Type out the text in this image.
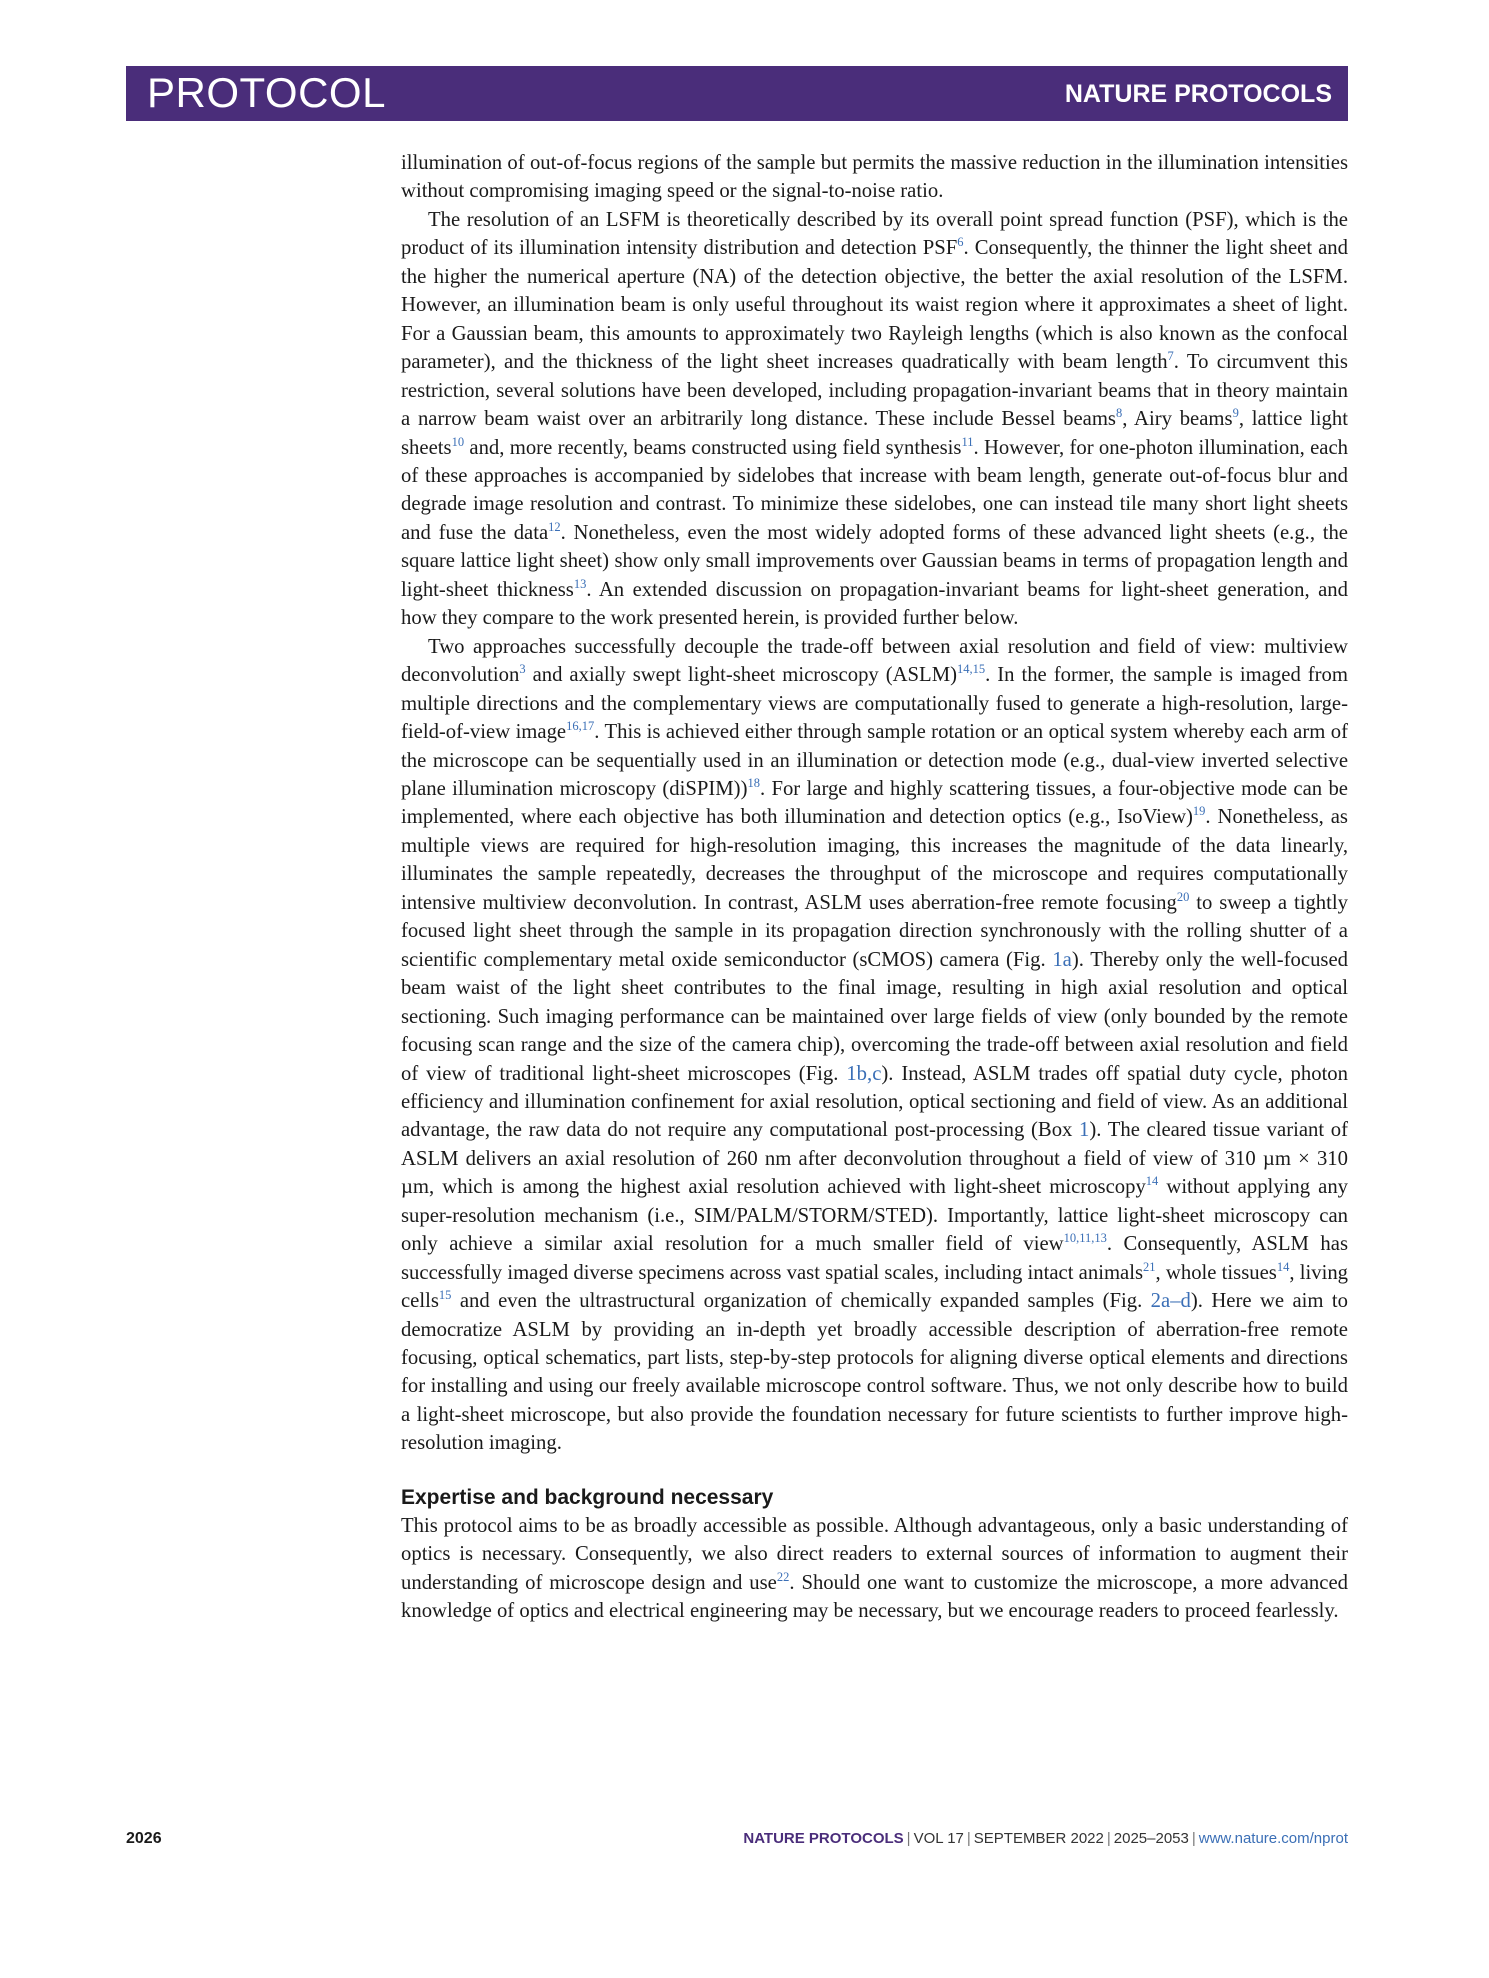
PROTOCOL	NATURE PROTOCOLS

illumination of out-of-focus regions of the sample but permits the massive reduction in the illumination intensities without compromising imaging speed or the signal-to-noise ratio.

The resolution of an LSFM is theoretically described by its overall point spread function (PSF), which is the product of its illumination intensity distribution and detection PSF$^6$. Consequently, the thinner the light sheet and the higher the numerical aperture (NA) of the detection objective, the better the axial resolution of the LSFM. However, an illumination beam is only useful throughout its waist region where it approximates a sheet of light. For a Gaussian beam, this amounts to approximately two Rayleigh lengths (which is also known as the confocal parameter), and the thickness of the light sheet increases quadratically with beam length$^7$. To circumvent this restriction, several solutions have been developed, including propagation-invariant beams that in theory maintain a narrow beam waist over an arbitrarily long distance. These include Bessel beams$^8$, Airy beams$^9$, lattice light sheets$^{10}$ and, more recently, beams constructed using field synthesis$^{11}$. However, for one-photon illumination, each of these approaches is accompanied by sidelobes that increase with beam length, generate out-of-focus blur and degrade image resolution and contrast. To minimize these sidelobes, one can instead tile many short light sheets and fuse the data$^{12}$. Nonetheless, even the most widely adopted forms of these advanced light sheets (e.g., the square lattice light sheet) show only small improvements over Gaussian beams in terms of propagation length and light-sheet thickness$^{13}$. An extended discussion on propagation-invariant beams for light-sheet generation, and how they compare to the work presented herein, is provided further below.

Two approaches successfully decouple the trade-off between axial resolution and field of view: multiview deconvolution$^3$ and axially swept light-sheet microscopy (ASLM)$^{14,15}$. In the former, the sample is imaged from multiple directions and the complementary views are computationally fused to generate a high-resolution, large-field-of-view image$^{16,17}$. This is achieved either through sample rotation or an optical system whereby each arm of the microscope can be sequentially used in an illumination or detection mode (e.g., dual-view inverted selective plane illumination microscopy (diSPIM))$^{18}$. For large and highly scattering tissues, a four-objective mode can be implemented, where each objective has both illumination and detection optics (e.g., IsoView)$^{19}$. Nonetheless, as multiple views are required for high-resolution imaging, this increases the magnitude of the data linearly, illuminates the sample repeatedly, decreases the throughput of the microscope and requires computationally intensive multiview deconvolution. In contrast, ASLM uses aberration-free remote focusing$^{20}$ to sweep a tightly focused light sheet through the sample in its propagation direction synchronously with the rolling shutter of a scientific complementary metal oxide semiconductor (sCMOS) camera (Fig. 1a). Thereby only the well-focused beam waist of the light sheet contributes to the final image, resulting in high axial resolution and optical sectioning. Such imaging performance can be maintained over large fields of view (only bounded by the remote focusing scan range and the size of the camera chip), overcoming the trade-off between axial resolution and field of view of traditional light-sheet microscopes (Fig. 1b,c). Instead, ASLM trades off spatial duty cycle, photon efficiency and illumination confinement for axial resolution, optical sectioning and field of view. As an additional advantage, the raw data do not require any computational post-processing (Box 1). The cleared tissue variant of ASLM delivers an axial resolution of 260 nm after deconvolution throughout a field of view of 310 µm × 310 µm, which is among the highest axial resolution achieved with light-sheet microscopy$^{14}$ without applying any super-resolution mechanism (i.e., SIM/PALM/STORM/STED). Importantly, lattice light-sheet microscopy can only achieve a similar axial resolution for a much smaller field of view$^{10,11,13}$. Consequently, ASLM has successfully imaged diverse specimens across vast spatial scales, including intact animals$^{21}$, whole tissues$^{14}$, living cells$^{15}$ and even the ultrastructural organization of chemically expanded samples (Fig. 2a–d). Here we aim to democratize ASLM by providing an in-depth yet broadly accessible description of aberration-free remote focusing, optical schematics, part lists, step-by-step protocols for aligning diverse optical elements and directions for installing and using our freely available microscope control software. Thus, we not only describe how to build a light-sheet microscope, but also provide the foundation necessary for future scientists to further improve high-resolution imaging.

Expertise and background necessary

This protocol aims to be as broadly accessible as possible. Although advantageous, only a basic understanding of optics is necessary. Consequently, we also direct readers to external sources of information to augment their understanding of microscope design and use$^{22}$. Should one want to customize the microscope, a more advanced knowledge of optics and electrical engineering may be necessary, but we encourage readers to proceed fearlessly.

2026	NATURE PROTOCOLS | VOL 17 | SEPTEMBER 2022 | 2025–2053 | www.nature.com/nprot
